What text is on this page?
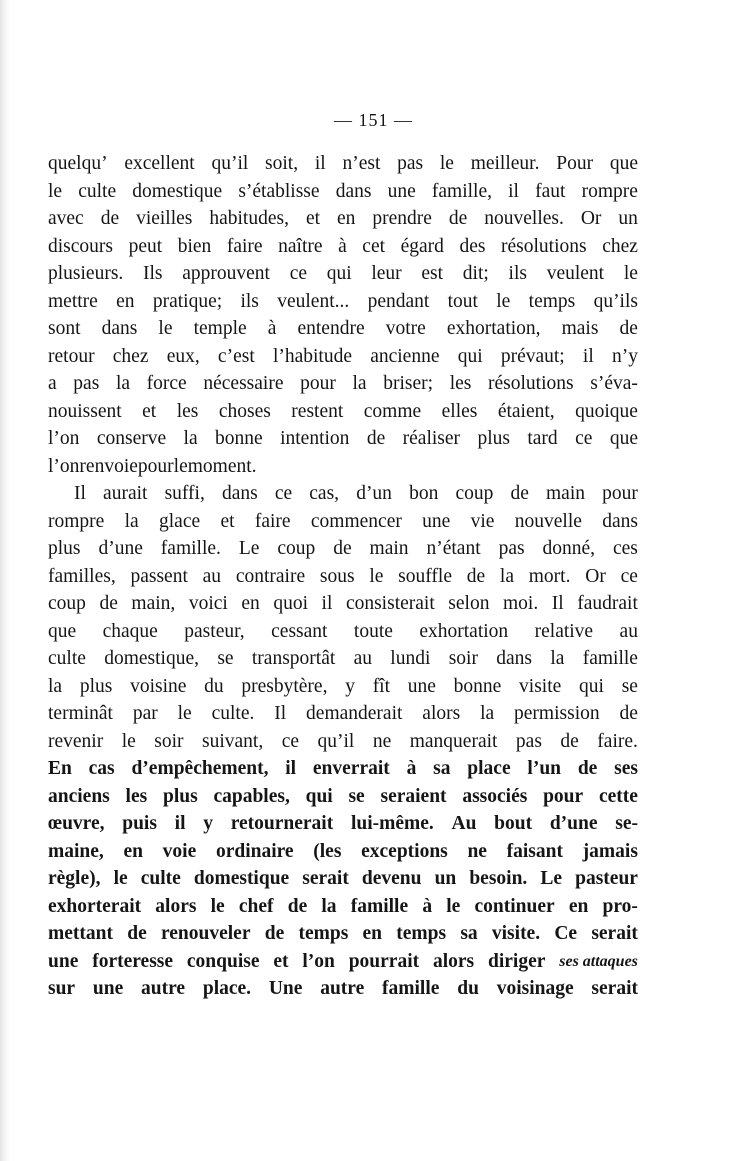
— 151 —
quelqu’ excellent qu’il soit, il n’est pas le meilleur. Pour que
le culte domestique s’établisse dans une famille, il faut rompre
avec de vieilles habitudes, et en prendre de nouvelles. Or un
discours peut bien faire naître à cet égard des résolutions chez
plusieurs. Ils approuvent ce qui leur est dit; ils veulent le
mettre en pratique; ils veulent... pendant tout le temps qu’ils
sont dans le temple à entendre votre exhortation, mais de
retour chez eux, c’est l’habitude ancienne qui prévaut; il n’y
a pas la force nécessaire pour la briser; les résolutions s’éva-
nouissent et les choses restent comme elles étaient, quoique
l’on conserve la bonne intention de réaliser plus tard ce que
l’on renvoie pour le moment.
Il aurait suffi, dans ce cas, d’un bon coup de main pour
rompre la glace et faire commencer une vie nouvelle dans
plus d’une famille. Le coup de main n’étant pas donné, ces
familles, passent au contraire sous le souffle de la mort. Or ce
coup de main, voici en quoi il consisterait selon moi. Il faudrait
que chaque pasteur, cessant toute exhortation relative au
culte domestique, se transportât au lundi soir dans la famille
la plus voisine du presbytère, y fît une bonne visite qui se
terminât par le culte. Il demanderait alors la permission de
revenir le soir suivant, ce qu’il ne manquerait pas de faire.
En cas d’empêchement, il enverrait à sa place l’un de ses
anciens les plus capables, qui se seraient associés pour cette
œuvre, puis il y retournerait lui-même. Au bout d’une se-
maine, en voie ordinaire (les exceptions ne faisant jamais
règle), le culte domestique serait devenu un besoin. Le pasteur
exhorterait alors le chef de la famille à le continuer en pro-
mettant de renouveler de temps en temps sa visite. Ce serait
une forteresse conquise et l’on pourrait alors diriger ses attaques
sur une autre place. Une autre famille du voisinage serait
